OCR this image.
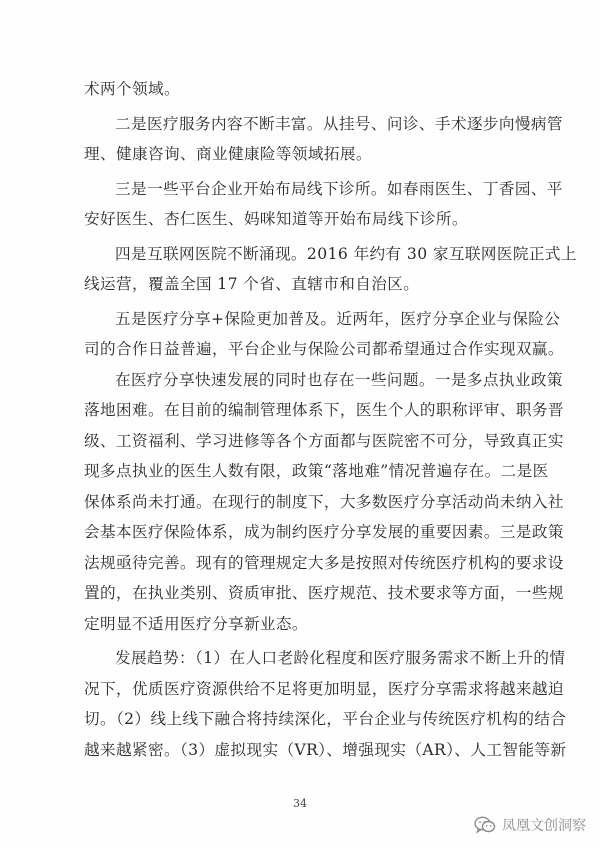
术两个领域。
二是医疗服务内容不断丰富。从挂号、问诊、手术逐步向慢病管
理、健康咨询、商业健康险等领域拓展。
三是一些平台企业开始布局线下诊所。如春雨医生、丁香园、平
安好医生、杏仁医生、妈咪知道等开始布局线下诊所。
四是互联网医院不断涌现。2016 年约有 30 家互联网医院正式上
线运营，覆盖全国 17 个省、直辖市和自治区。
五是医疗分享+保险更加普及。近两年，医疗分享企业与保险公
司的合作日益普遍，平台企业与保险公司都希望通过合作实现双赢。
在医疗分享快速发展的同时也存在一些问题。一是多点执业政策
落地困难。在目前的编制管理体系下，医生个人的职称评审、职务晋
级、工资福利、学习进修等各个方面都与医院密不可分，导致真正实
现多点执业的医生人数有限，政策“落地难”情况普遍存在。二是医
保体系尚未打通。在现行的制度下，大多数医疗分享活动尚未纳入社
会基本医疗保险体系，成为制约医疗分享发展的重要因素。三是政策
法规亟待完善。现有的管理规定大多是按照对传统医疗机构的要求设
置的，在执业类别、资质审批、医疗规范、技术要求等方面，一些规
定明显不适用医疗分享新业态。
发展趋势：（1）在人口老龄化程度和医疗服务需求不断上升的情
况下，优质医疗资源供给不足将更加明显，医疗分享需求将越来越迫
切。（2）线上线下融合将持续深化，平台企业与传统医疗机构的结合
越来越紧密。（3）虚拟现实（VR）、增强现实（AR）、人工智能等新
34
凤凰文创洞察
